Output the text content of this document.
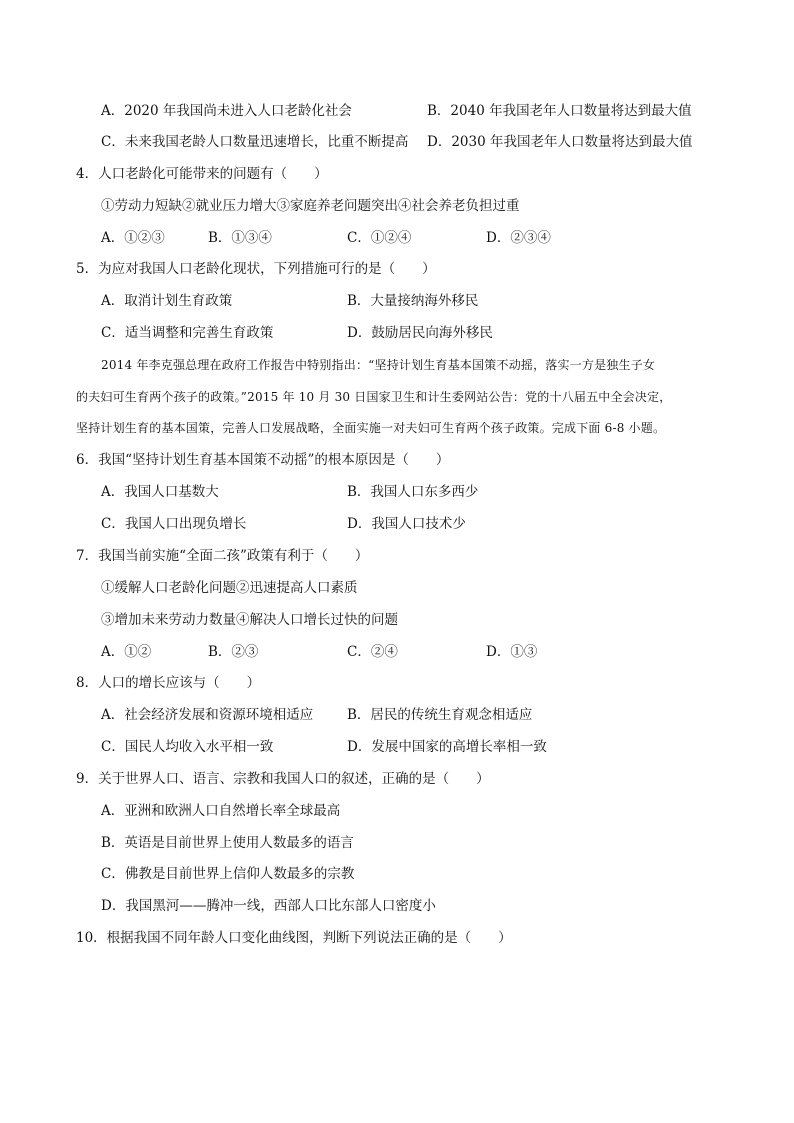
A．2020 年我国尚未进入人口老龄化社会	B．2040 年我国老年人口数量将达到最大值
C．未来我国老龄人口数量迅速增长，比重不断提高 D．2030 年我国老年人口数量将达到最大值
4．人口老龄化可能带来的问题有（　　）
①劳动力短缺②就业压力增大③家庭养老问题突出④社会养老负担过重
A．①②③	B．①③④	C．①②④	D．②③④
5．为应对我国人口老龄化现状，下列措施可行的是（　　）
A．取消计划生育政策	B．大量接纳海外移民
C．适当调整和完善生育政策	D．鼓励居民向海外移民
2014 年李克强总理在政府工作报告中特别指出：“坚持计划生育基本国策不动摇，落实一方是独生子女
的夫妇可生育两个孩子的政策。”2015 年 10 月 30 日国家卫生和计生委网站公告：党的十八届五中全会决定，
坚持计划生育的基本国策，完善人口发展战略，全面实施一对夫妇可生育两个孩子政策。完成下面 6-8 小题。
6．我国“坚持计划生育基本国策不动摇”的根本原因是（　　）
A．我国人口基数大	B．我国人口东多西少
C．我国人口出现负增长	D．我国人口技术少
7．我国当前实施“全面二孩”政策有利于（　　）
①缓解人口老龄化问题②迅速提高人口素质
③增加未来劳动力数量④解决人口增长过快的问题
A．①②	B．②③	C．②④	D．①③
8．人口的增长应该与（　　）
A．社会经济发展和资源环境相适应	B．居民的传统生育观念相适应
C．国民人均收入水平相一致	D．发展中国家的高增长率相一致
9．关于世界人口、语言、宗教和我国人口的叙述，正确的是（　　）
A．亚洲和欧洲人口自然增长率全球最高
B．英语是目前世界上使用人数最多的语言
C．佛教是目前世界上信仰人数最多的宗教
D．我国黑河——腾冲一线，西部人口比东部人口密度小
10．根据我国不同年龄人口变化曲线图，判断下列说法正确的是（　　）
